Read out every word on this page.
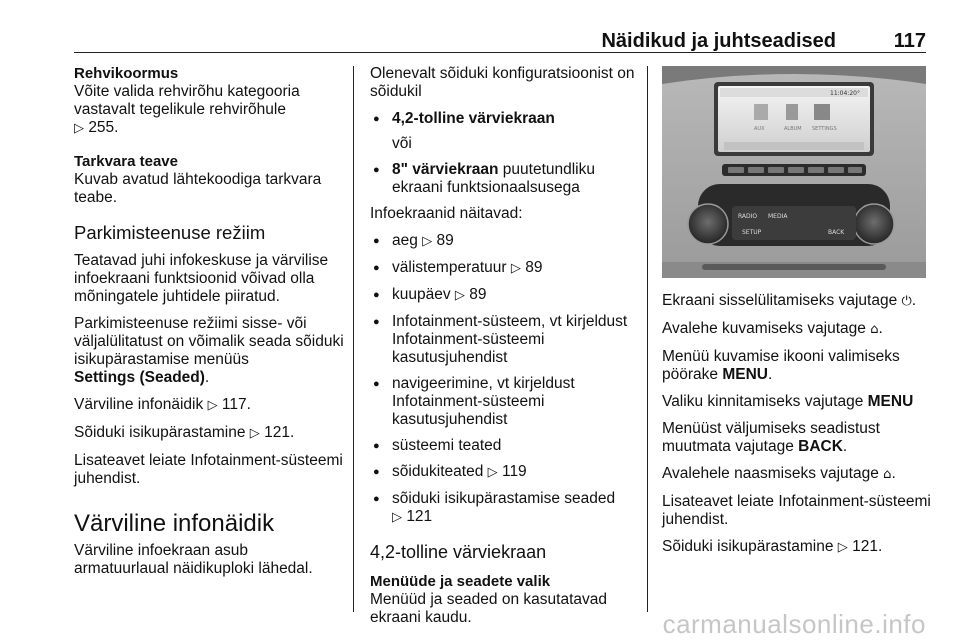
Näidikud ja juhtseadised	117

Rehvikoormus

Võite valida rehvirõhu kategooria vastavalt tegelikule rehvirõhule
▷ 255.

Tarkvara teave

Kuvab avatud lähtekoodiga tarkvara teabe.

Parkimisteenuse režiim

Teatavad juhi infokeskuse ja värvilise infoekraani funktsioonid võivad olla mõningatele juhtidele piiratud.

Parkimisteenuse režiimi sisse- või väljalülitatust on võimalik seada sõiduki isikupärastamise menüüs
Settings (Seaded).

Värviline infonäidik ▷ 117.

Sõiduki isikupärastamine ▷ 121.

Lisateavet leiate Infotainment-süsteemi juhendist.

Värviline infonäidik

Värviline infoekraan asub armatuurlaual näidikuploki lähedal.

Olenevalt sõiduki konfiguratsioonist on sõidukil

● 4,2-tolline värviekraan

või

● 8" värviekraan puutetundliku ekraani funktsionaalsusega

Infoekraanid näitavad:

● aeg ▷ 89
● välistemperatuur ▷ 89
● kuupäev ▷ 89
● Infotainment-süsteem, vt kirjeldust Infotainment-süsteemi kasutusjuhendist
● navigeerimine, vt kirjeldust Infotainment-süsteemi kasutusjuhendist
● süsteemi teated
● sõidukiteated ▷ 119
● sõiduki isikupärastamise seaded
▷ 121

4,2-tolline värviekraan

Menüüde ja seadete valik

Menüüd ja seaded on kasutatavad ekraani kaudu.

11:04:20°
AUX	ALBUM SETTINGS
RADIO MEDIA
SETUP	BACK

Ekraani sisselülitamiseks vajutage ⏻.

Avalehe kuvamiseks vajutage ⌂.

Menüü kuvamise ikooni valimiseks pöörake MENU.

Valiku kinnitamiseks vajutage MENU

Menüüst väljumiseks seadistust muutmata vajutage BACK.

Avalehele naasmiseks vajutage ⌂.

Lisateavet leiate Infotainment-süsteemi juhendist.

Sõiduki isikupärastamine ▷ 121.

carmanualsonline.info
